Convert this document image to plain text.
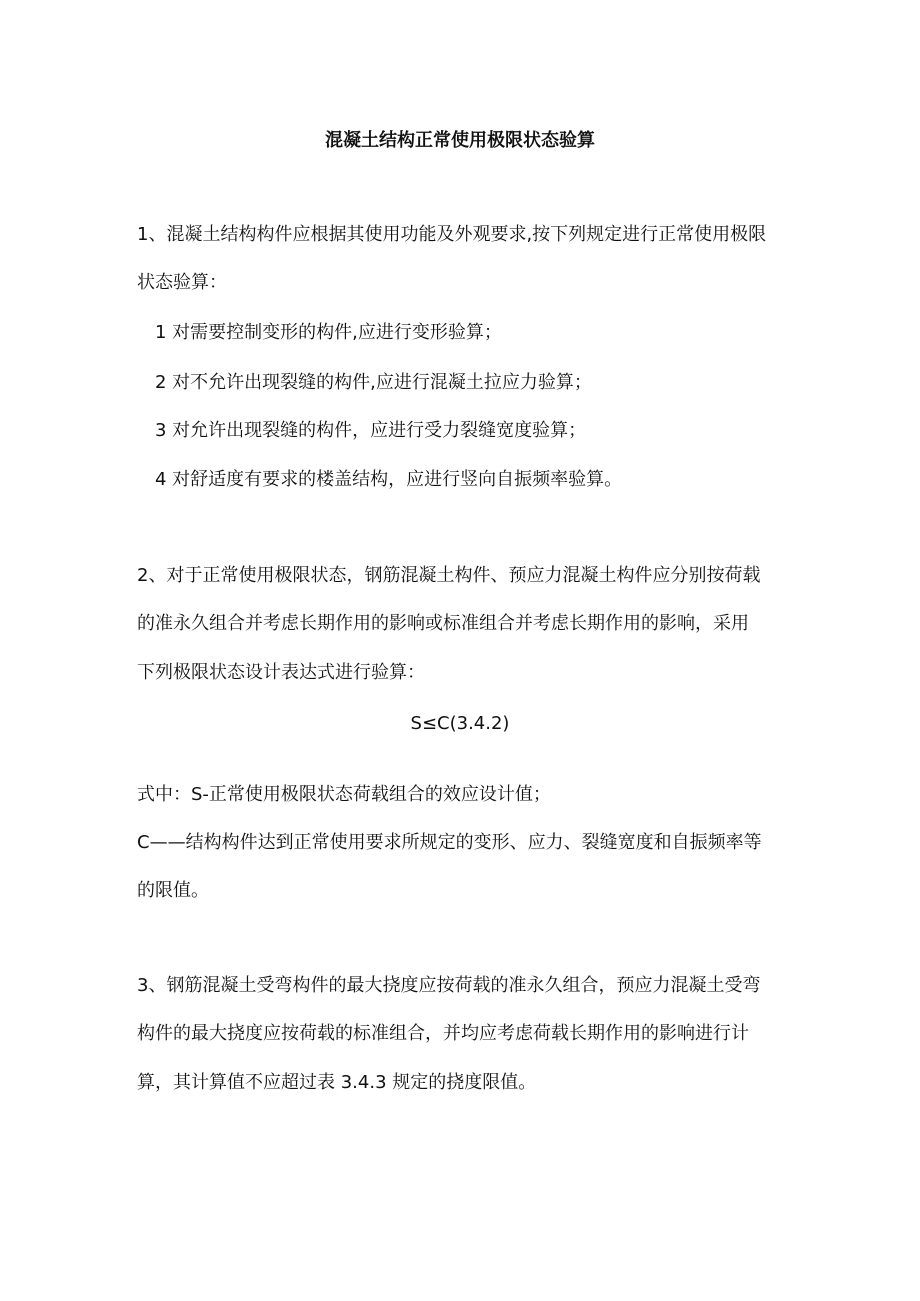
混凝土结构正常使用极限状态验算

1、混凝土结构构件应根据其使用功能及外观要求,按下列规定进行正常使用极限

状态验算：

1 对需要控制变形的构件,应进行变形验算；

2 对不允许出现裂缝的构件,应进行混凝土拉应力验算；

3 对允许出现裂缝的构件，应进行受力裂缝宽度验算；

4 对舒适度有要求的楼盖结构，应进行竖向自振频率验算。

2、对于正常使用极限状态，钢筋混凝土构件、预应力混凝土构件应分别按荷载

的准永久组合并考虑长期作用的影响或标准组合并考虑长期作用的影响，采用

下列极限状态设计表达式进行验算：

S≤C(3.4.2)

式中：S-正常使用极限状态荷载组合的效应设计值；

C——结构构件达到正常使用要求所规定的变形、应力、裂缝宽度和自振频率等

的限值。

3、钢筋混凝土受弯构件的最大挠度应按荷载的准永久组合，预应力混凝土受弯

构件的最大挠度应按荷载的标准组合，并均应考虑荷载长期作用的影响进行计

算，其计算值不应超过表 3.4.3 规定的挠度限值。
